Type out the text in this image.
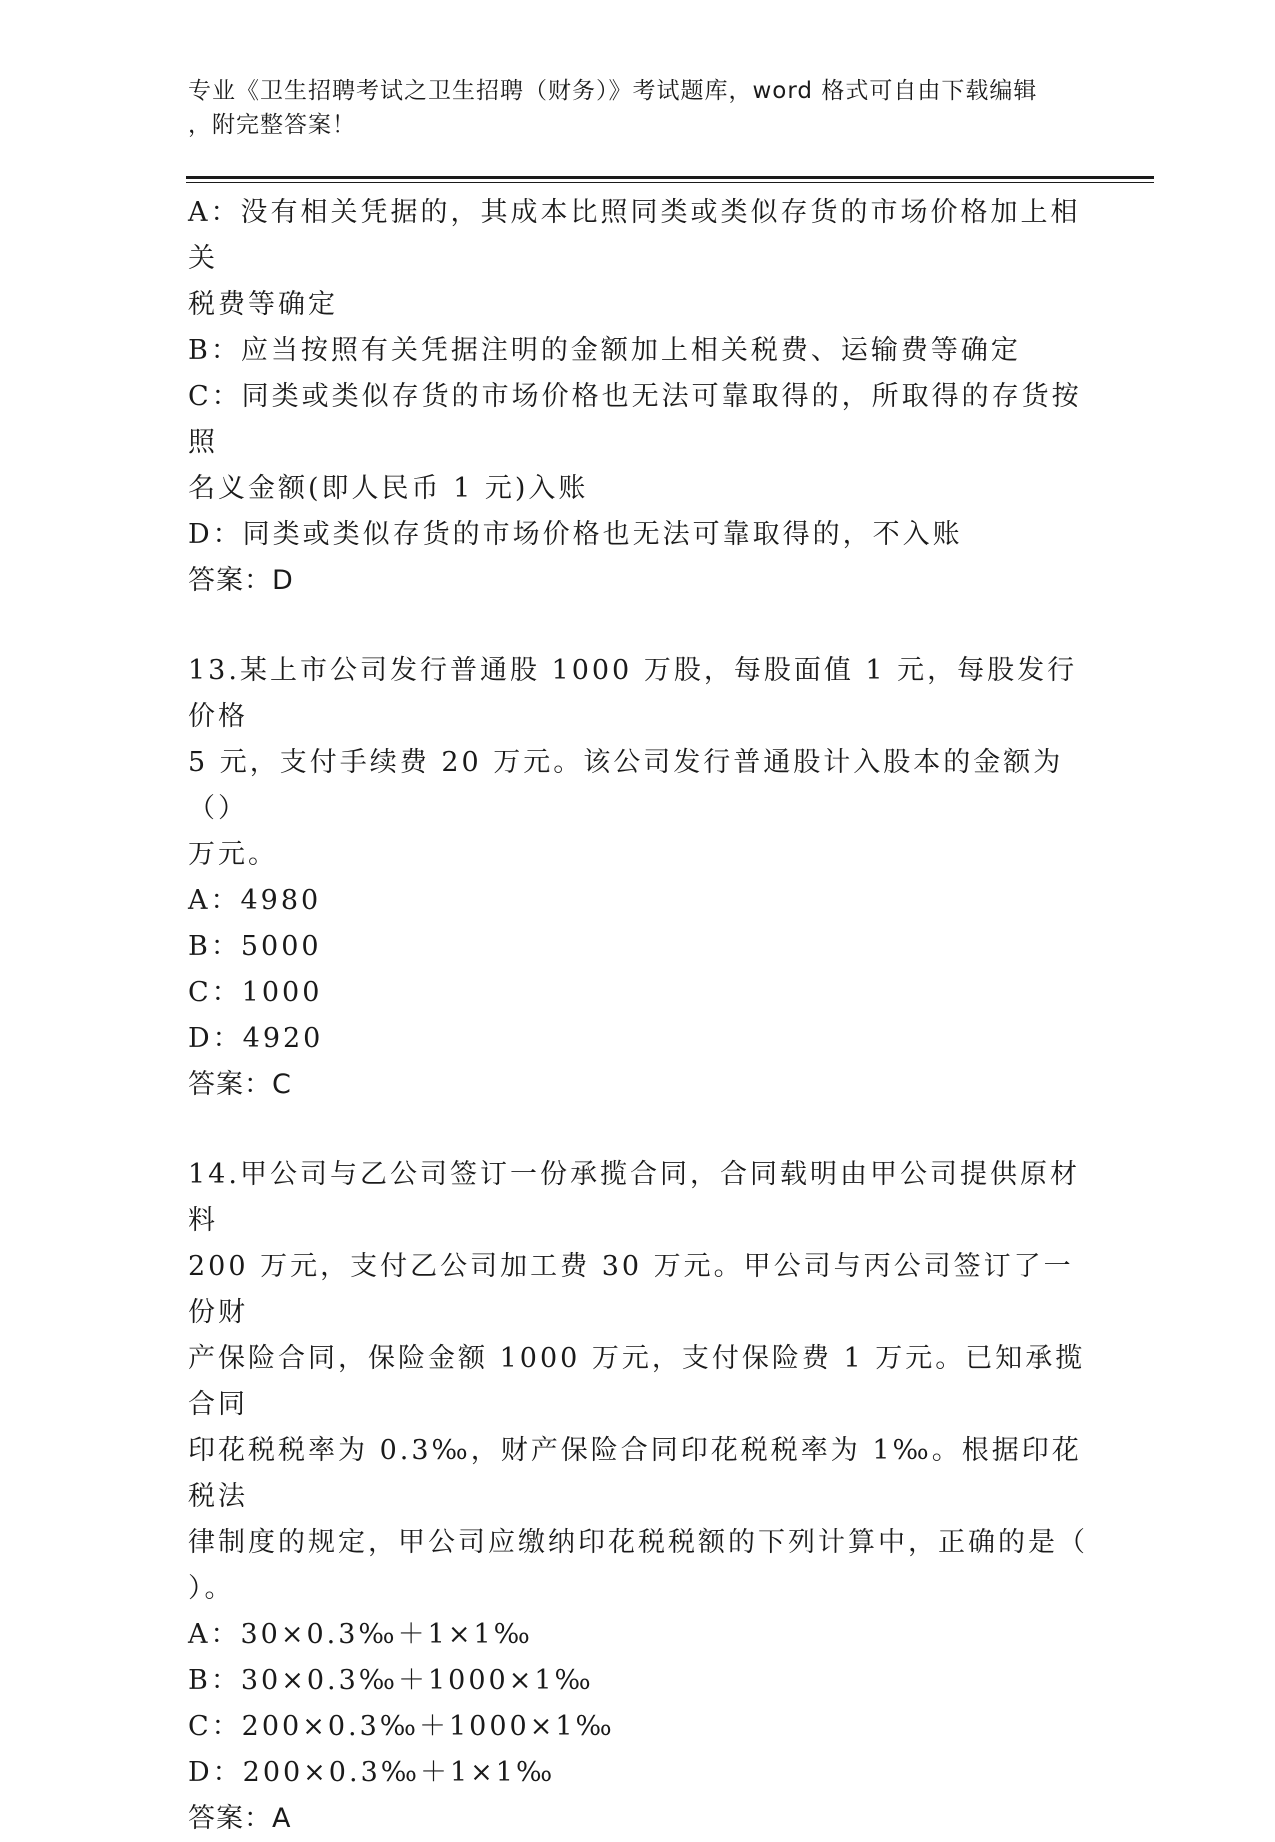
专业《卫生招聘考试之卫生招聘（财务）》考试题库，word 格式可自由下载编辑

，附完整答案！

A：没有相关凭据的，其成本比照同类或类似存货的市场价格加上相关

税费等确定

B：应当按照有关凭据注明的金额加上相关税费、运输费等确定

C：同类或类似存货的市场价格也无法可靠取得的，所取得的存货按照

名义金额(即人民币 1 元)入账

D：同类或类似存货的市场价格也无法可靠取得的，不入账

答案：D

13.某上市公司发行普通股 1000 万股，每股面值 1 元，每股发行价格

5 元，支付手续费 20 万元。该公司发行普通股计入股本的金额为（）

万元。

A：4980

B：5000

C：1000

D：4920

答案：C

14.甲公司与乙公司签订一份承揽合同，合同载明由甲公司提供原材料

200 万元，支付乙公司加工费 30 万元。甲公司与丙公司签订了一份财

产保险合同，保险金额 1000 万元，支付保险费 1 万元。已知承揽合同

印花税税率为 0.3‰，财产保险合同印花税税率为 1‰。根据印花税法

律制度的规定，甲公司应缴纳印花税税额的下列计算中，正确的是（

）。

A：30×0.3‰＋1×1‰

B：30×0.3‰＋1000×1‰

C：200×0.3‰＋1000×1‰

D：200×0.3‰＋1×1‰

答案：A
